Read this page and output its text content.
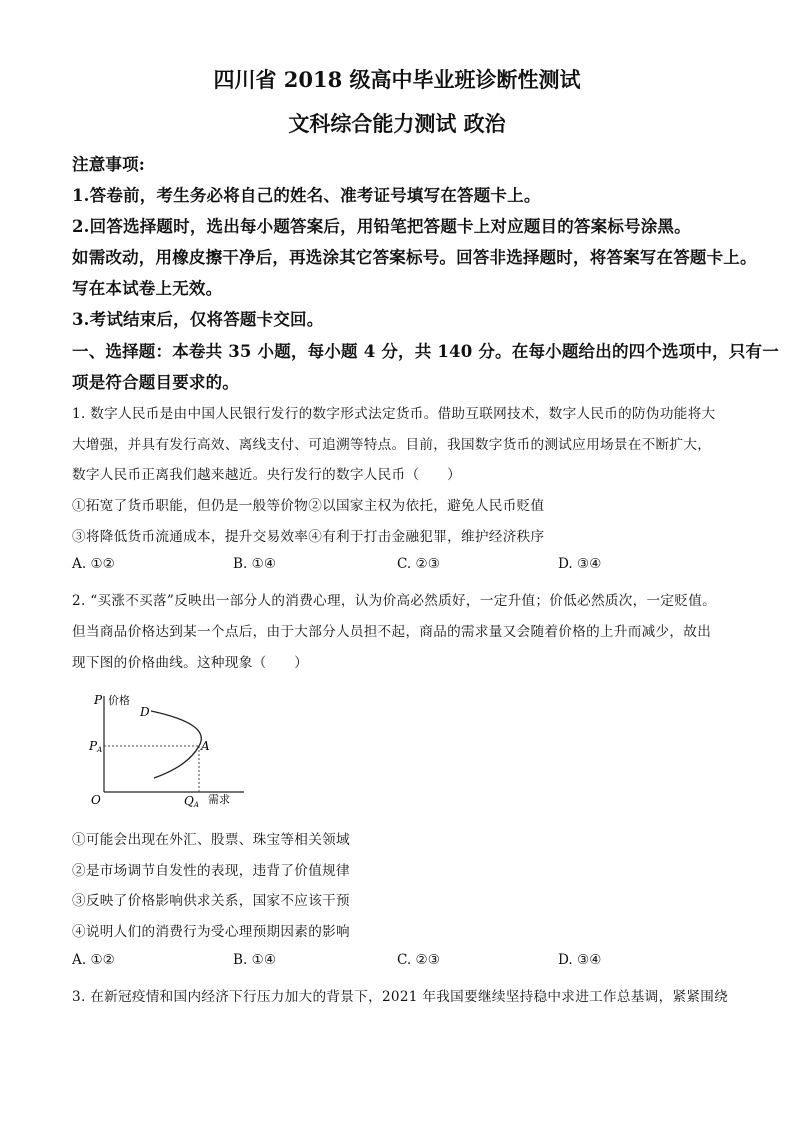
四川省 2018 级高中毕业班诊断性测试
文科综合能力测试 政治
注意事项:
1.答卷前，考生务必将自己的姓名、准考证号填写在答题卡上。
2.回答选择题时，选出每小题答案后，用铅笔把答题卡上对应题目的答案标号涂黑。
如需改动，用橡皮擦干净后，再选涂其它答案标号。回答非选择题时，将答案写在答题卡上。
写在本试卷上无效。
3.考试结束后，仅将答题卡交回。
一、选择题：本卷共 35 小题，每小题 4 分，共 140 分。在每小题给出的四个选项中，只有一
项是符合题目要求的。
1. 数字人民币是由中国人民银行发行的数字形式法定货币。借助互联网技术，数字人民币的防伪功能将大
大增强，并具有发行高效、离线支付、可追溯等特点。目前，我国数字货币的测试应用场景在不断扩大，
数字人民币正离我们越来越近。央行发行的数字人民币（　　）
①拓宽了货币职能，但仍是一般等价物②以国家主权为依托，避免人民币贬值
③将降低货币流通成本，提升交易效率④有利于打击金融犯罪，维护经济秩序
A. ①②	B. ①④	C. ②③	D. ③④
2. “买涨不买落”反映出一部分人的消费心理，认为价高必然质好，一定升值；价低必然质次，一定贬值。
但当商品价格达到某一个点后，由于大部分人员担不起，商品的需求量又会随着价格的上升而减少，故出
现下图的价格曲线。这种现象（　　）
P 价格
D
A
PA
O	QA 需求
①可能会出现在外汇、股票、珠宝等相关领域
②是市场调节自发性的表现，违背了价值规律
③反映了价格影响供求关系，国家不应该干预
④说明人们的消费行为受心理预期因素的影响
A. ①②	B. ①④	C. ②③	D. ③④
3. 在新冠疫情和国内经济下行压力加大的背景下，2021 年我国要继续坚持稳中求进工作总基调，紧紧围绕
